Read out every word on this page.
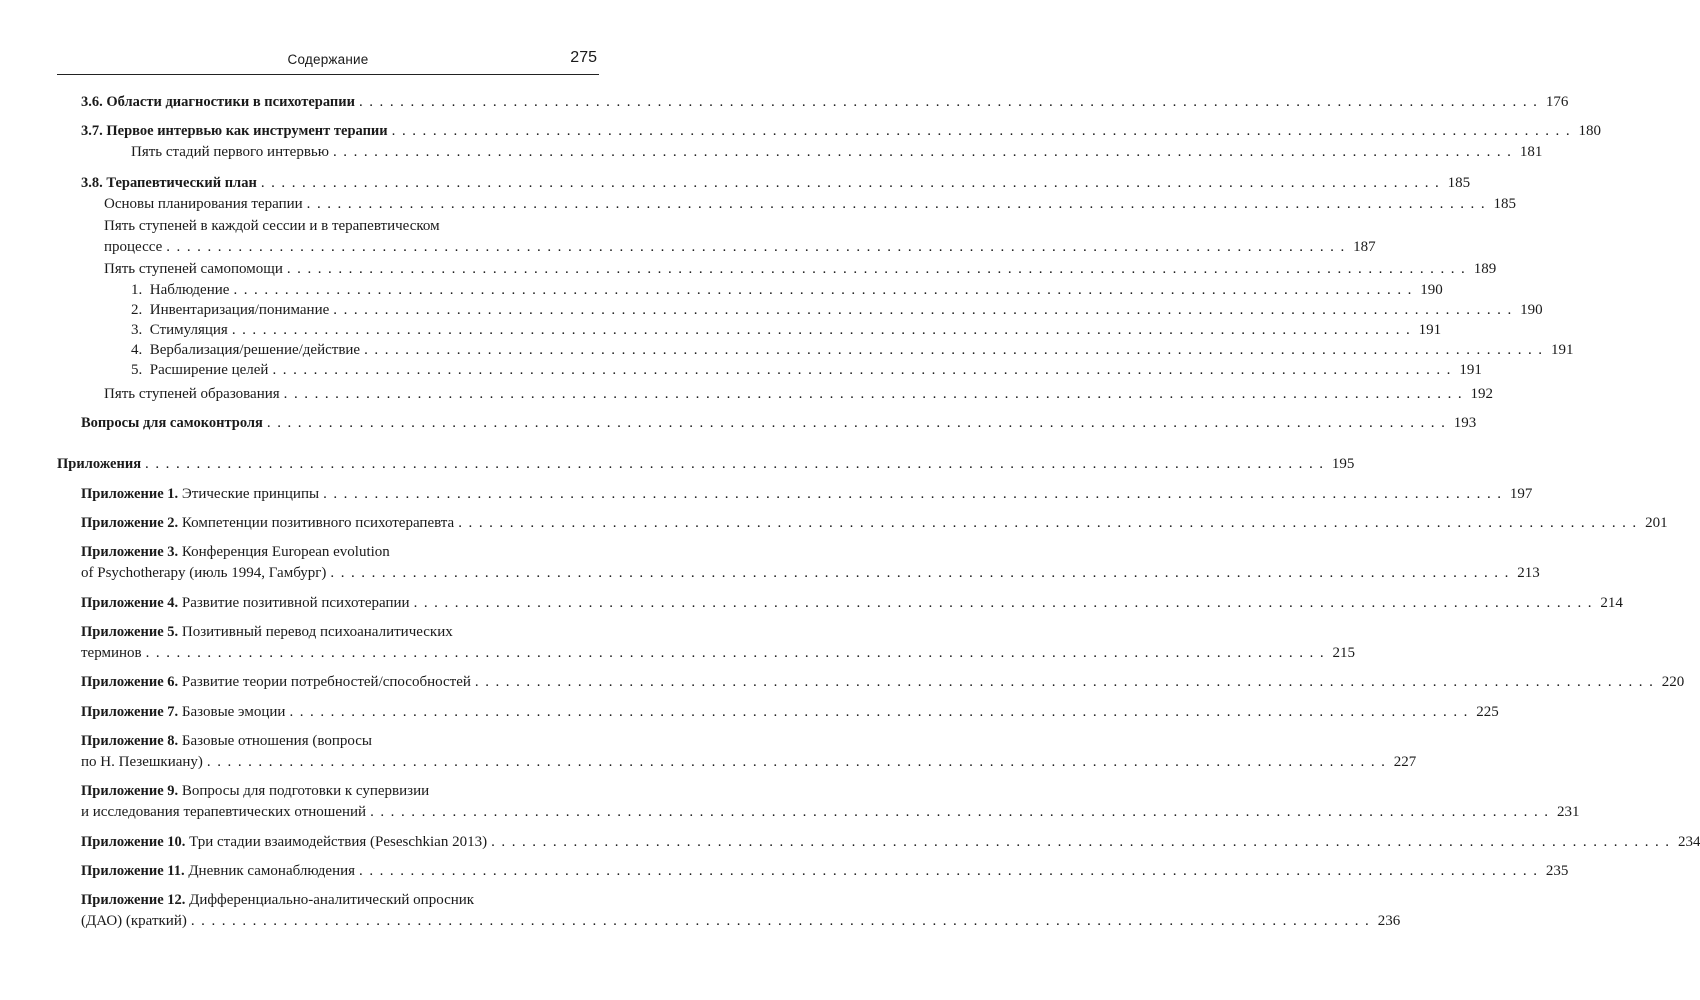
Содержание	275
3.6. Области диагностики в психотерапии . . .	176
3.7. Первое интервью как инструмент терапии . . .	180
Пять стадий первого интервью . . .	181
3.8. Терапевтический план . . .	185
Основы планирования терапии . . .	185
Пять ступеней в каждой сессии и в терапевтическом
процессе . . .	187
Пять ступеней самопомощи . . .	189
1. Наблюдение . . .	190
2. Инвентаризация/понимание . . .	190
3. Стимуляция . . .	191
4. Вербализация/решение/действие . . .	191
5. Расширение целей . . .	191
Пять ступеней образования . . .	192
Вопросы для самоконтроля . . .	193
Приложения . . .	195
Приложение 1. Этические принципы . . .	197
Приложение 2. Компетенции позитивного психотерапевта . . .	201
Приложение 3. Конференция European evolution
of Psychotherapy (июль 1994, Гамбург) . . .	213
Приложение 4. Развитие позитивной психотерапии . . .	214
Приложение 5. Позитивный перевод психоаналитических
терминов . . .	215
Приложение 6. Развитие теории потребностей/способностей . . .	220
Приложение 7. Базовые эмоции . . .	225
Приложение 8. Базовые отношения (вопросы
по Н. Пезешкиану) . . .	227
Приложение 9. Вопросы для подготовки к супервизии
и исследования терапевтических отношений . . .	231
Приложение 10. Три стадии взаимодействия (Peseschkian 2013) . . .	234
Приложение 11. Дневник самонаблюдения . . .	235
Приложение 12. Дифференциально-аналитический опросник
(ДАО) (краткий) . . .	236
